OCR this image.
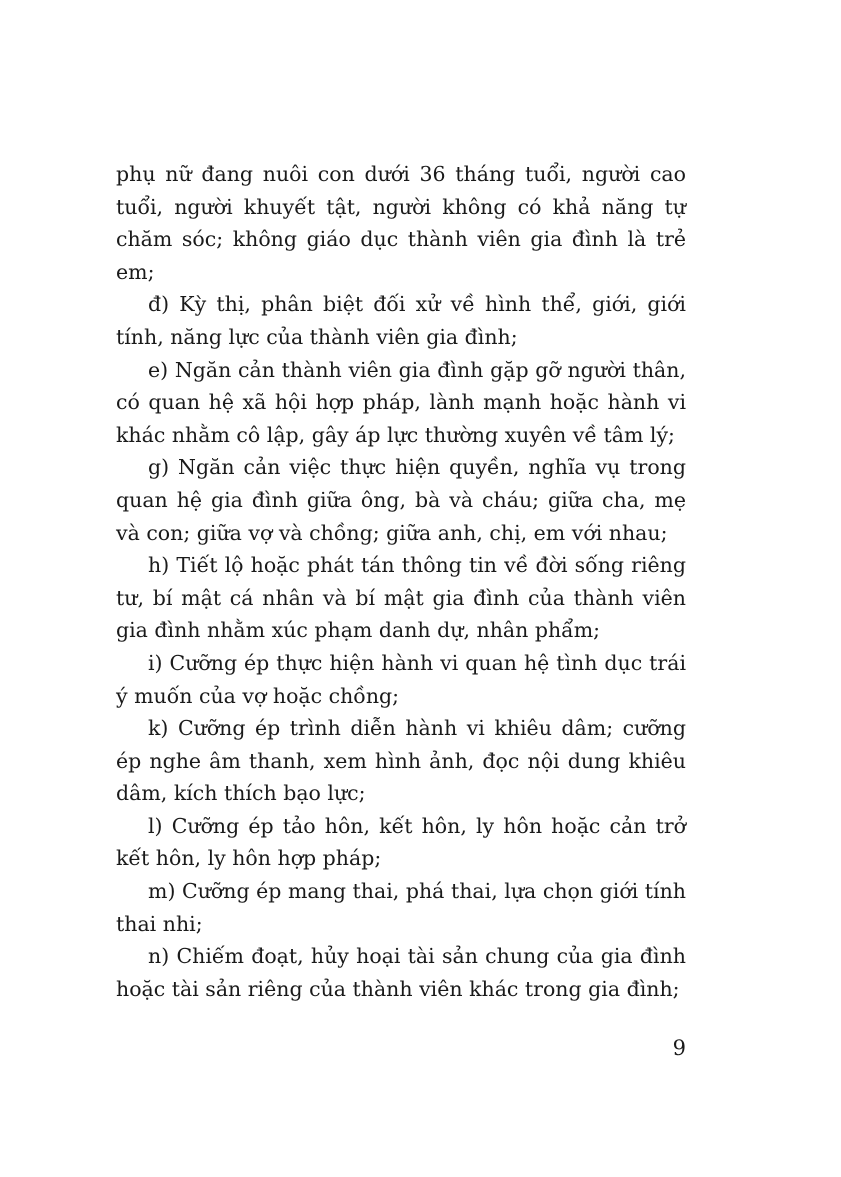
phụ nữ đang nuôi con dưới 36 tháng tuổi, người cao tuổi, người khuyết tật, người không có khả năng tự chăm sóc; không giáo dục thành viên gia đình là trẻ em;

đ) Kỳ thị, phân biệt đối xử về hình thể, giới, giới tính, năng lực của thành viên gia đình;

e) Ngăn cản thành viên gia đình gặp gỡ người thân, có quan hệ xã hội hợp pháp, lành mạnh hoặc hành vi khác nhằm cô lập, gây áp lực thường xuyên về tâm lý;

g) Ngăn cản việc thực hiện quyền, nghĩa vụ trong quan hệ gia đình giữa ông, bà và cháu; giữa cha, mẹ và con; giữa vợ và chồng; giữa anh, chị, em với nhau;

h) Tiết lộ hoặc phát tán thông tin về đời sống riêng tư, bí mật cá nhân và bí mật gia đình của thành viên gia đình nhằm xúc phạm danh dự, nhân phẩm;

i) Cưỡng ép thực hiện hành vi quan hệ tình dục trái ý muốn của vợ hoặc chồng;

k) Cưỡng ép trình diễn hành vi khiêu dâm; cưỡng ép nghe âm thanh, xem hình ảnh, đọc nội dung khiêu dâm, kích thích bạo lực;

l) Cưỡng ép tảo hôn, kết hôn, ly hôn hoặc cản trở kết hôn, ly hôn hợp pháp;

m) Cưỡng ép mang thai, phá thai, lựa chọn giới tính thai nhi;

n) Chiếm đoạt, hủy hoại tài sản chung của gia đình hoặc tài sản riêng của thành viên khác trong gia đình;

9
